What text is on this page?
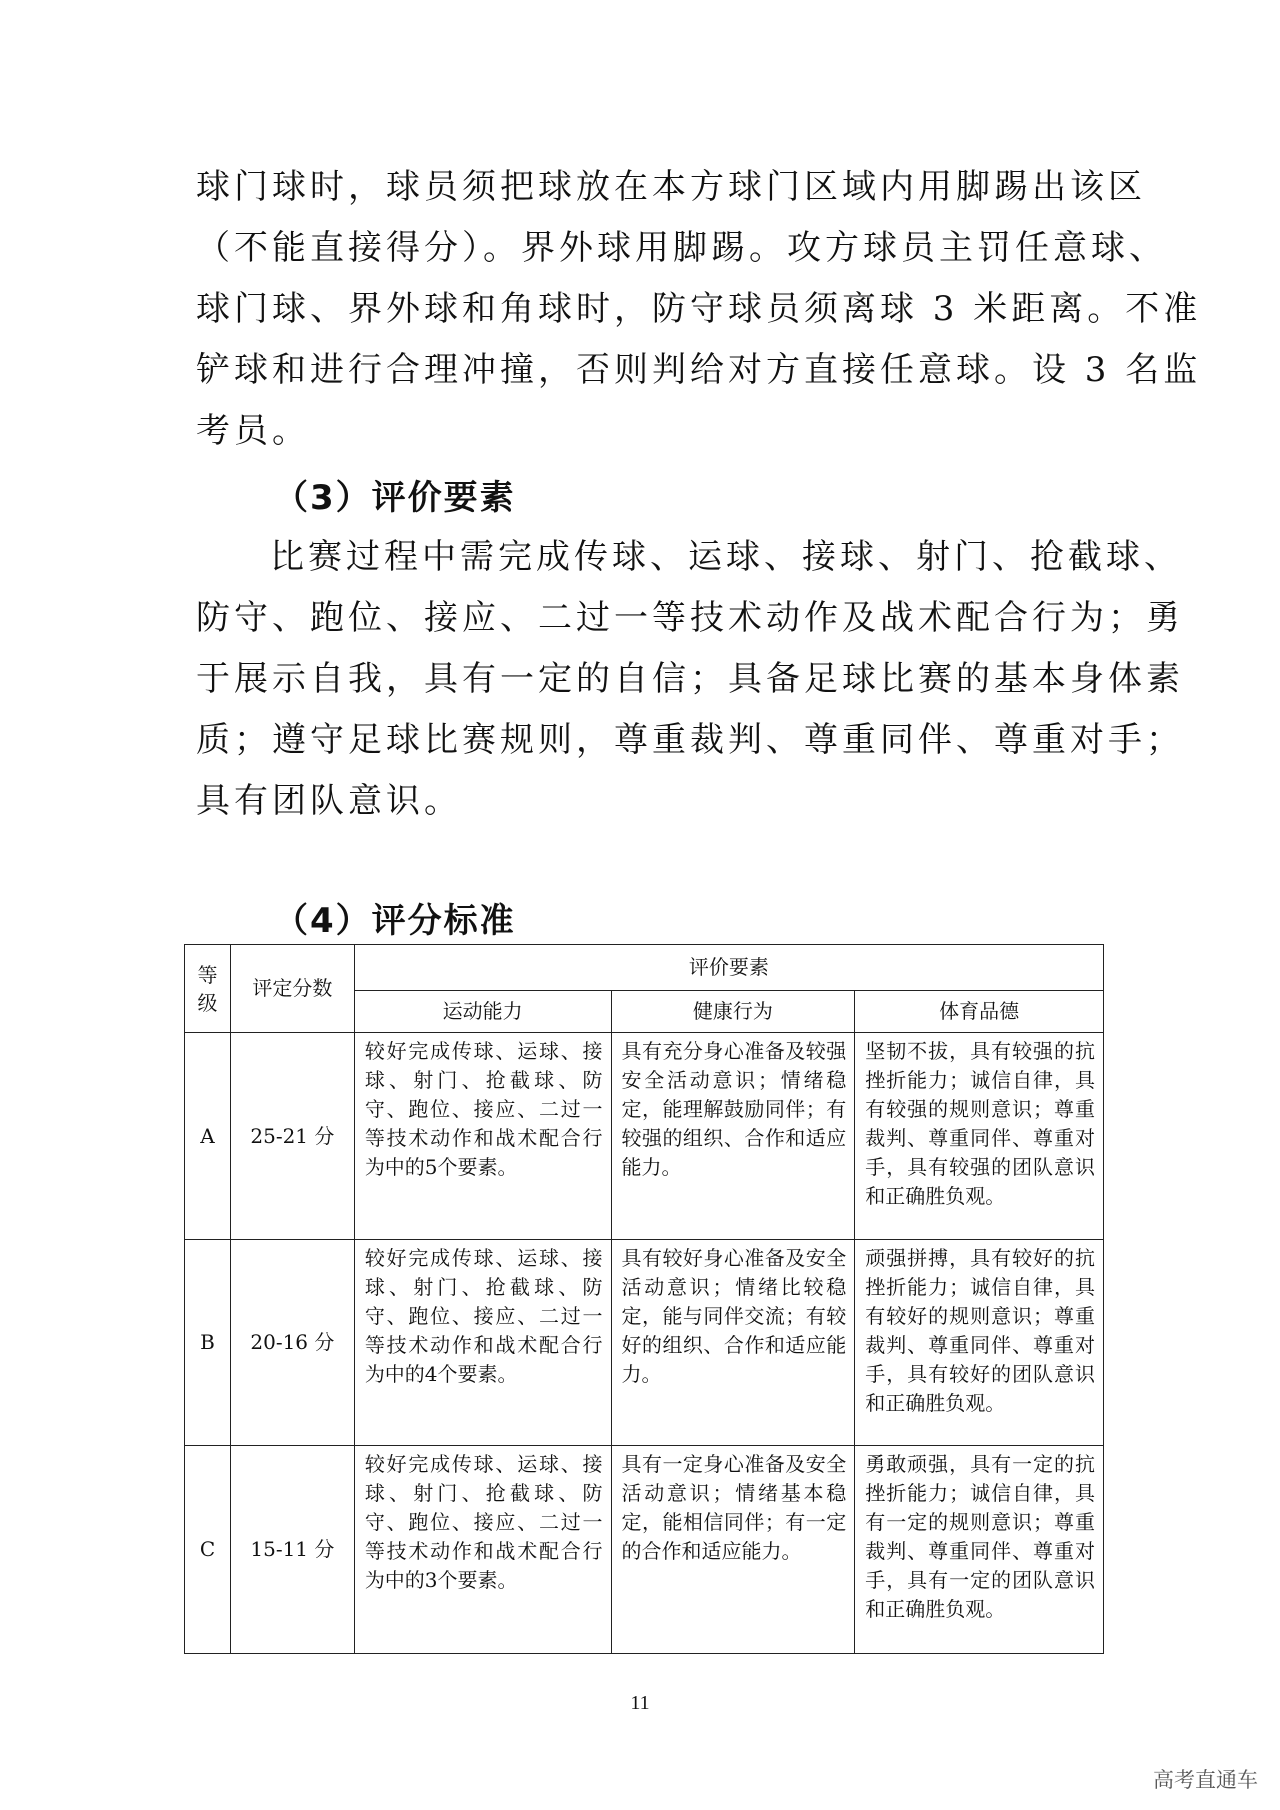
球门球时，球员须把球放在本方球门区域内用脚踢出该区
（不能直接得分）。界外球用脚踢。攻方球员主罚任意球、
球门球、界外球和角球时，防守球员须离球 3 米距离。不准
铲球和进行合理冲撞，否则判给对方直接任意球。设 3 名监
考员。
（3）评价要素
比赛过程中需完成传球、运球、接球、射门、抢截球、
防守、跑位、接应、二过一等技术动作及战术配合行为；勇
于展示自我，具有一定的自信；具备足球比赛的基本身体素
质；遵守足球比赛规则，尊重裁判、尊重同伴、尊重对手；
具有团队意识。
（4）评分标准
等级	评定分数	评价要素		
		运动能力	健康行为	体育品德
A	25-21 分	较好完成传球、运球、接球、射门、抢截球、防守、跑位、接应、二过一等技术动作和战术配合行为中的5个要素。	具有充分身心准备及较强安全活动意识；情绪稳定，能理解鼓励同伴；有较强的组织、合作和适应能力。	坚韧不拔，具有较强的抗挫折能力；诚信自律，具有较强的规则意识；尊重裁判、尊重同伴、尊重对手，具有较强的团队意识和正确胜负观。

B	20-16 分	较好完成传球、运球、接球、射门、抢截球、防守、跑位、接应、二过一等技术动作和战术配合行为中的4个要素。	具有较好身心准备及安全活动意识；情绪比较稳定，能与同伴交流；有较好的组织、合作和适应能力。	顽强拼搏，具有较好的抗挫折能力；诚信自律，具有较好的规则意识；尊重裁判、尊重同伴、尊重对手，具有较好的团队意识和正确胜负观。

C	15-11 分	较好完成传球、运球、接球、射门、抢截球、防守、跑位、接应、二过一等技术动作和战术配合行为中的3个要素。	具有一定身心准备及安全活动意识；情绪基本稳定，能相信同伴；有一定的合作和适应能力。	勇敢顽强，具有一定的抗挫折能力；诚信自律，具有一定的规则意识；尊重裁判、尊重同伴、尊重对手，具有一定的团队意识和正确胜负观。
11
高考直通车
